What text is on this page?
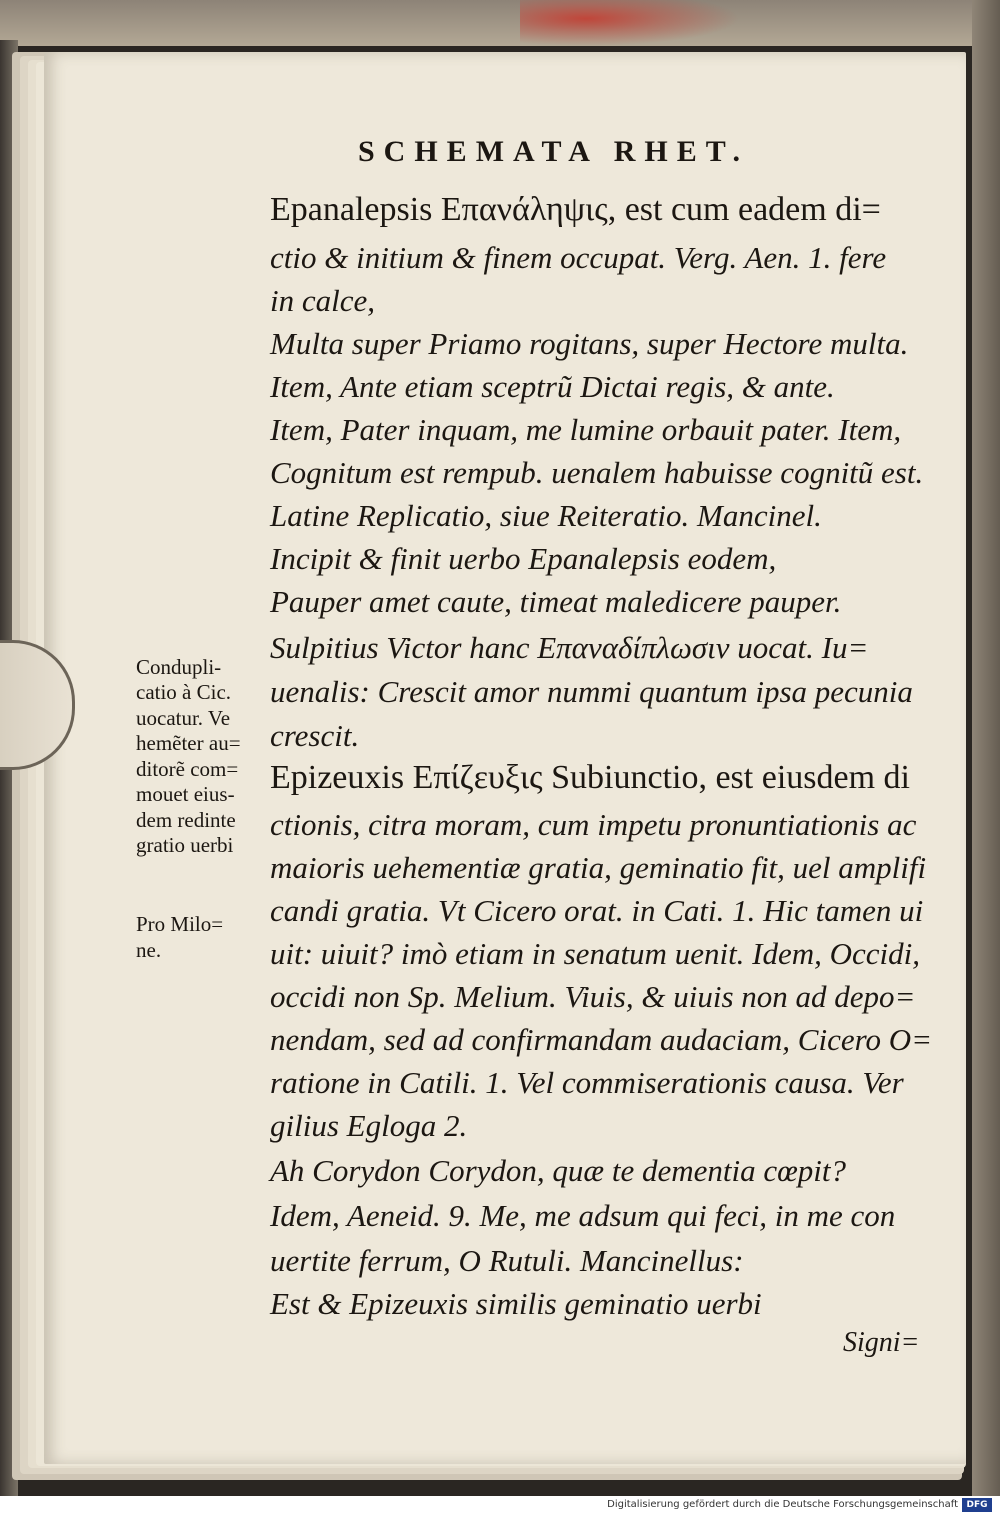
SCHEMATA RHET.
Epanalepsis Επανάληψις, est cum eadem di=
ctio & initium & finem occupat. Verg. Aen. 1. fere
in calce,
Multa super Priamo rogitans, super Hectore multa.
Item, Ante etiam sceptrũ Dictai regis, & ante.
Item, Pater inquam, me lumine orbauit pater. Item,
Cognitum est rempub. uenalem habuisse cognitũ est.
Latine Replicatio, siue Reiteratio. Mancinel.
Incipit & finit uerbo Epanalepsis eodem,
Pauper amet caute, timeat maledicere pauper.
Sulpitius Victor hanc Επαναδίπλωσιν uocat. Iu=
uenalis: Crescit amor nummi quantum ipsa pecunia
crescit.
Epizeuxis Επίζευξις Subiunctio, est eiusdem di
ctionis, citra moram, cum impetu pronuntiationis ac
maioris uehementiæ gratia, geminatio fit, uel amplifi
candi gratia. Vt Cicero orat. in Cati. 1. Hic tamen ui
uit: uiuit? imò etiam in senatum uenit. Idem, Occidi,
occidi non Sp. Melium. Viuis, & uiuis non ad depo=
nendam, sed ad confirmandam audaciam, Cicero O=
ratione in Catili. 1. Vel commiserationis causa. Ver
gilius Egloga 2.
Ah Corydon Corydon, quæ te dementia cœpit?
Idem, Aeneid. 9. Me, me adsum qui feci, in me con
uertite ferrum, O Rutuli. Mancinellus:
Est & Epizeuxis similis geminatio uerbi
Signi=
Condupli-
catio à Cic.
uocatur. Ve
hemẽter au=
ditorẽ com=
mouet eius-
dem redinte
gratio uerbi
Pro Milo=
ne.
Digitalisierung gefördert durch die Deutsche Forschungsgemeinschaft DFG
